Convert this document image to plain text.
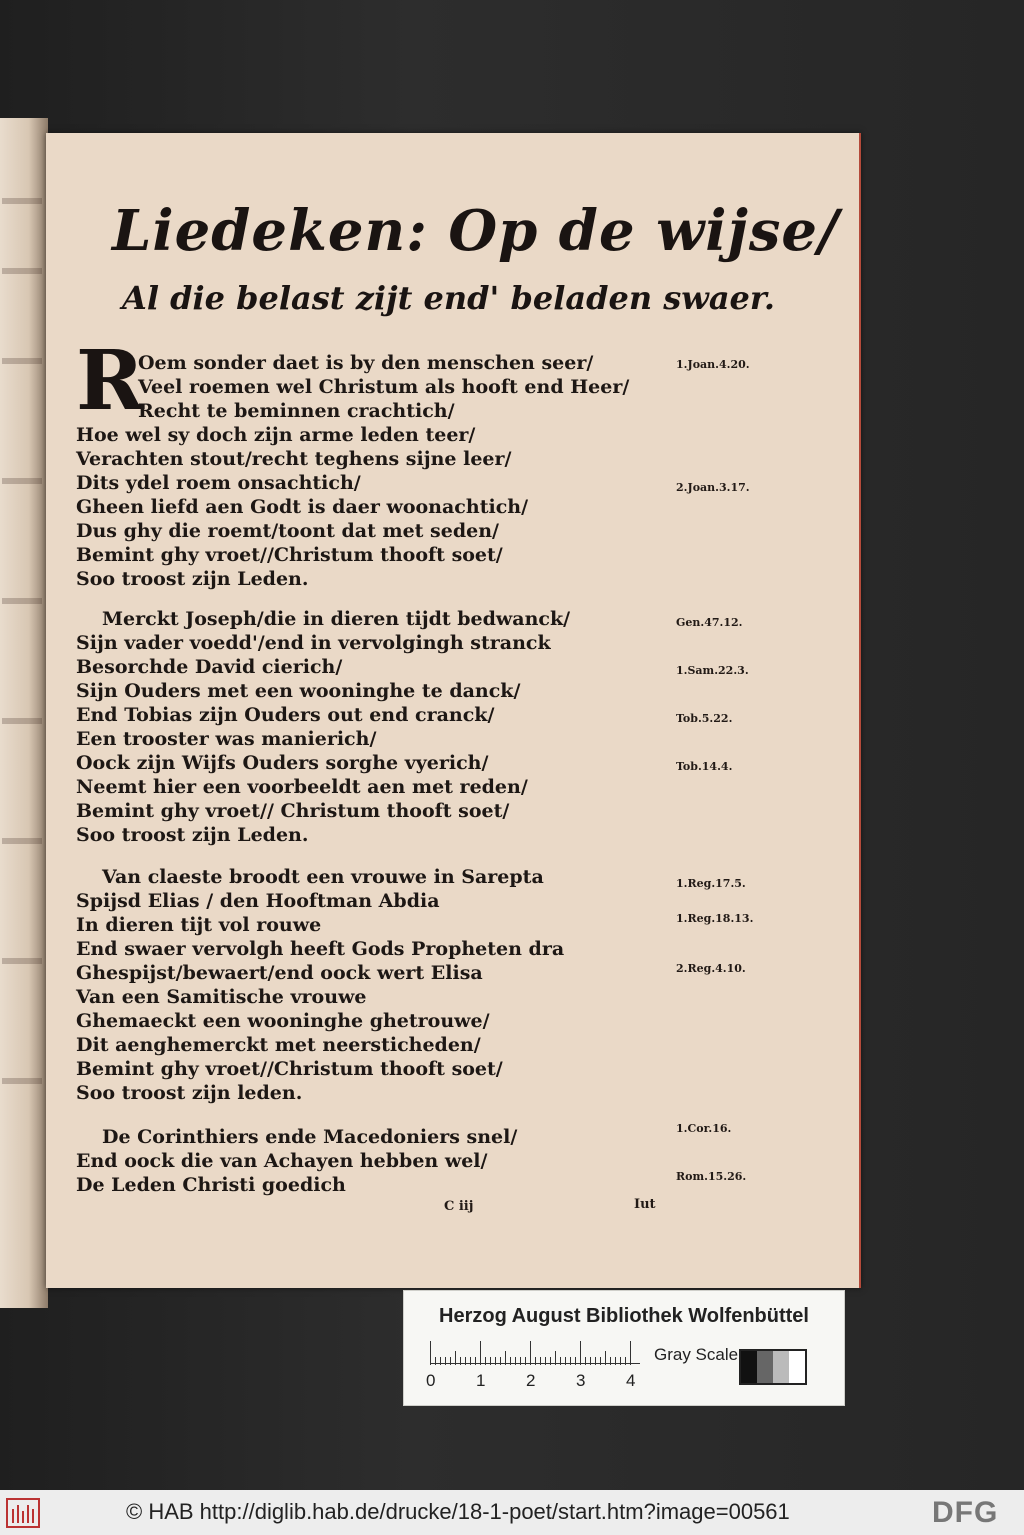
Liedeken: Op de wijse/
Al die belast zijt end' beladen swaer.
R
Oem sonder daet is by den menschen seer/
Veel roemen wel Christum als hooft end Heer/
Recht te beminnen crachtich/
Hoe wel sy doch zijn arme leden teer/
Verachten stout/recht teghens sijne leer/
Dits ydel roem onsachtich/
Gheen liefd aen Godt is daer woonachtich/
Dus ghy die roemt/toont dat met seden/
Bemint ghy vroet//Christum thooft soet/
Soo troost zijn Leden.
Merckt Joseph/die in dieren tijdt bedwanck/
Sijn vader voedd'/end in vervolgingh stranck
Besorchde David cierich/
Sijn Ouders met een wooninghe te danck/
End Tobias zijn Ouders out end cranck/
Een trooster was manierich/
Oock zijn Wijfs Ouders sorghe vyerich/
Neemt hier een voorbeeldt aen met reden/
Bemint ghy vroet// Christum thooft soet/
Soo troost zijn Leden.
Van claeste broodt een vrouwe in Sarepta
Spijsd Elias / den Hooftman Abdia
In dieren tijt vol rouwe
End swaer vervolgh heeft Gods Propheten dra
Ghespijst/bewaert/end oock wert Elisa
Van een Samitische vrouwe
Ghemaeckt een wooninghe ghetrouwe/
Dit aenghemerckt met neersticheden/
Bemint ghy vroet//Christum thooft soet/
Soo troost zijn leden.
De Corinthiers ende Macedoniers snel/
End oock die van Achayen hebben wel/
De Leden Christi goedich
1.Joan.4.20.
2.Joan.3.17.
Gen.47.12.
1.Sam.22.3.
Tob.5.22.
Tob.14.4.
1.Reg.17.5.
1.Reg.18.13.
2.Reg.4.10.
1.Cor.16.
Rom.15.26.
C iij	Iut
Herzog August Bibliothek Wolfenbüttel
0 1 2 3 4
Gray Scale
© HAB http://diglib.hab.de/drucke/18-1-poet/start.htm?image=00561	DFG
